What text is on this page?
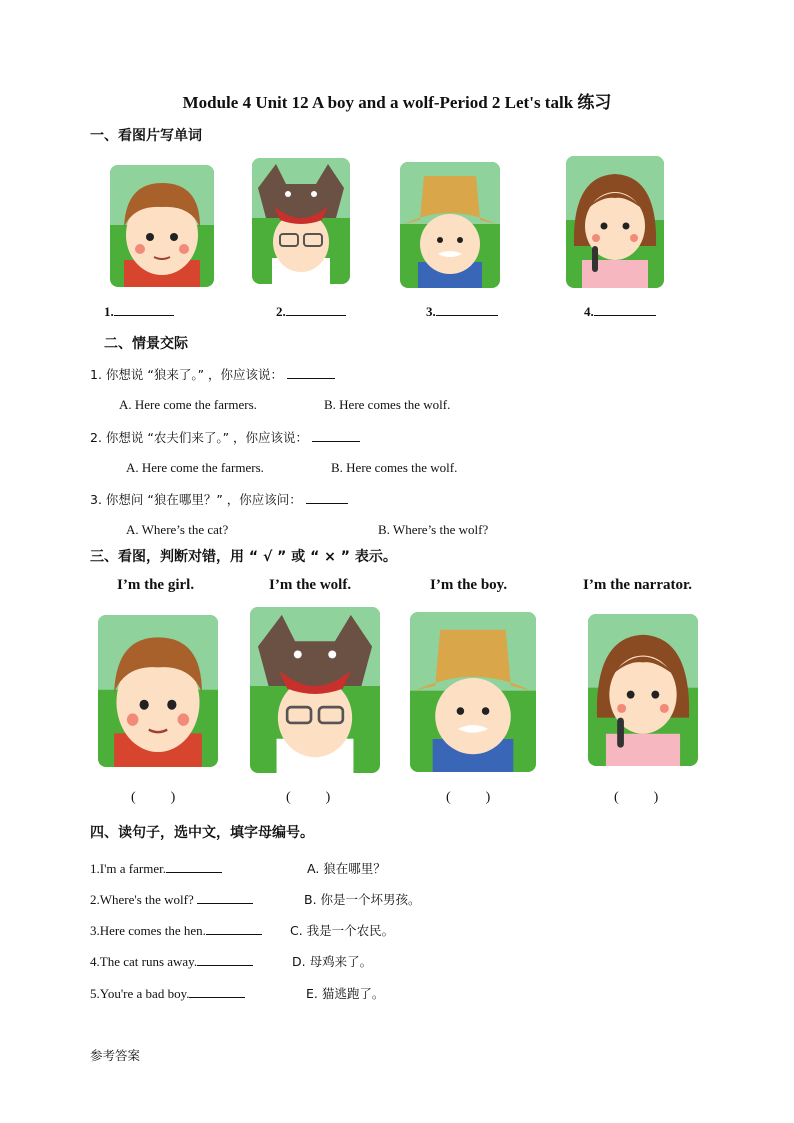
Module 4 Unit 12 A boy and a wolf-Period 2 Let's talk 练习
一、看图片写单词
1.	2.	3.	4.
二、情景交际
1. 你想说 “狼来了。” ，你应该说：
A. Here come the farmers.	B. Here comes the wolf.
2. 你想说 “农夫们来了。” ，你应该说：
A. Here come the farmers.	B. Here comes the wolf.
3. 你想问 “狼在哪里？” ，你应该问：
A. Where’s the cat?	B. Where’s the wolf?
三、看图，判断对错，用 “ √ ” 或 “ × ” 表示。
I’m the girl.	I’m the wolf.	I’m the boy.	I’m the narrator.
(          )	(          )	(          )	(          )
四、读句子，选中文，填字母编号。
1.I'm a farmer.	A. 狼在哪里？
2.Where's the wolf?	B. 你是一个坏男孩。
3.Here comes the hen.	C. 我是一个农民。
4.The cat runs away.	D. 母鸡来了。
5.You're a bad boy.	E. 猫逃跑了。
参考答案
